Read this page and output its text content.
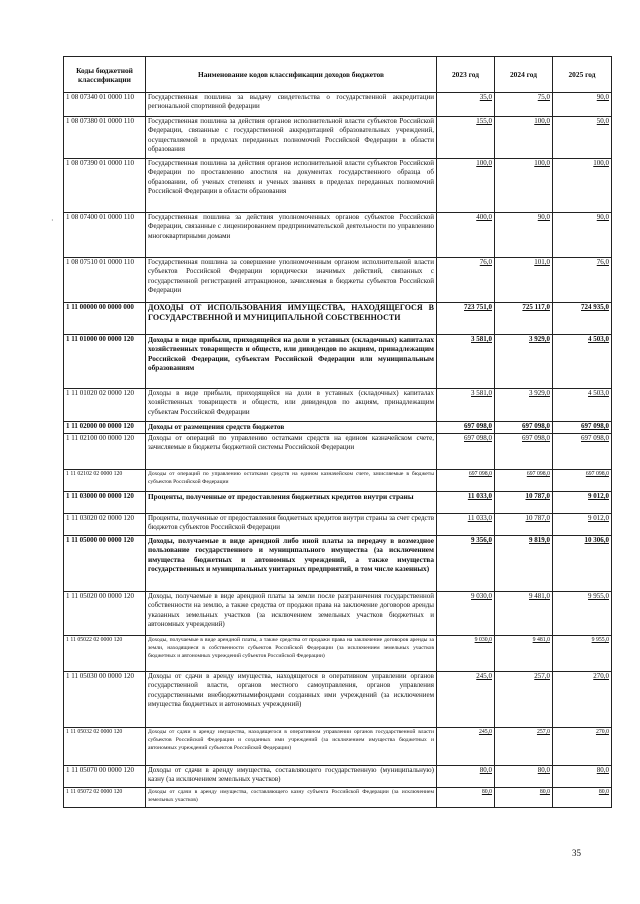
Коды бюджетной классификации	Наименование кодов классификации доходов бюджетов	2023 год	2024 год	2025 год
1 08 07340 01 0000 110	Государственная пошлина за выдачу свидетельства о государственной аккредитации региональной спортивной федерации	35,0	75,0	90,0
1 08 07380 01 0000 110	Государственная пошлина за действия органов исполнительной власти субъектов Российской Федерации, связанные с государственной аккредитацией образовательных учреждений, осуществляемой в пределах переданных полномочий Российской Федерации в области образования	155,0	100,0	50,0
1 08 07390 01 0000 110	Государственная пошлина за действия органов исполнительной власти субъектов Российской Федерации по проставлению апостиля на документах государственного образца об образовании, об ученых степенях и ученых званиях в пределах переданных полномочий Российской Федерации в области образования	100,0	100,0	100,0
1 08 07400 01 0000 110	Государственная пошлина за действия уполномоченных органов субъектов Российской Федерации, связанные с лицензированием предпринимательской деятельности по управлению многоквартирными домами	400,0	90,0	90,0
1 08 07510 01 0000 110	Государственная пошлина за совершение уполномоченным органом исполнительной власти субъектов Российской Федерации юридически значимых действий, связанных с государственной регистрацией аттракционов, зачисляемая в бюджеты субъектов Российской Федерации	76,0	101,0	76,0
1 11 00000 00 0000 000	ДОХОДЫ ОТ ИСПОЛЬЗОВАНИЯ ИМУЩЕСТВА, НАХОДЯЩЕГОСЯ В ГОСУДАРСТВЕННОЙ И МУНИЦИПАЛЬНОЙ СОБСТВЕННОСТИ	723 751,0	725 117,0	724 935,0
1 11 01000 00 0000 120	Доходы в виде прибыли, приходящейся на доли в уставных (складочных) капиталах хозяйственных товариществ и обществ, или дивидендов по акциям, принадлежащим Российской Федерации, субъектам Российской Федерации или муниципальным образованиям	3 581,0	3 929,0	4 503,0
1 11 01020 02 0000 120	Доходы в виде прибыли, приходящейся на доли в уставных (складочных) капиталах хозяйственных товариществ и обществ, или дивидендов по акциям, принадлежащим субъектам Российской Федерации	3 581,0	3 929,0	4 503,0
1 11 02000 00 0000 120	Доходы от размещения средств бюджетов	697 098,0	697 098,0	697 098,0
1 11 02100 00 0000 120	Доходы от операций по управлению остатками средств на едином казначейском счете, зачисляемые в бюджеты бюджетной системы Российской Федерации	697 098,0	697 098,0	697 098,0
1 11 02102 02 0000 120	Доходы от операций по управлению остатками средств на едином казначейском счете, зачисляемые в бюджеты субъектов Российской Федерации	697 098,0	697 098,0	697 098,0
1 11 03000 00 0000 120	Проценты, полученные от предоставления бюджетных кредитов внутри страны	11 033,0	10 787,0	9 012,0
1 11 03020 02 0000 120	Проценты, полученные от предоставления бюджетных кредитов внутри страны за счет средств бюджетов субъектов Российской Федерации	11 033,0	10 787,0	9 012,0
1 11 05000 00 0000 120	Доходы, получаемые в виде арендной либо иной платы за передачу в возмездное пользование государственного и муниципального имущества (за исключением имущества бюджетных и автономных учреждений, а также имущества государственных и муниципальных унитарных предприятий, в том числе казенных)	9 356,0	9 819,0	10 306,0
1 11 05020 00 0000 120	Доходы, получаемые в виде арендной платы за земли после разграничения государственной собственности на землю, а также средства от продажи права на заключение договоров аренды указанных земельных участков (за исключением земельных участков бюджетных и автономных учреждений)	9 030,0	9 481,0	9 955,0
1 11 05022 02 0000 120	Доходы, получаемые в виде арендной платы, а также средства от продажи права на заключение договоров аренды за земли, находящиеся в собственности субъектов Российской Федерации (за исключением земельных участков бюджетных и автономных учреждений субъектов Российской Федерации)	9 030,0	9 481,0	9 955,0
1 11 05030 00 0000 120	Доходы от сдачи в аренду имущества, находящегося в оперативном управлении органов государственной власти, органов местного самоуправления, органов управления государственными внебюджетнымифондами созданных ими учреждений (за исключением имущества бюджетных и автономных учреждений)	245,0	257,0	270,0
1 11 05032 02 0000 120	Доходы от сдачи в аренду имущества, находящегося в оперативном управлении органов государственной власти субъектов Российской Федерации и созданных ими учреждений (за исключением имущества бюджетных и автономных учреждений субъектов Российской Федерации)	245,0	257,0	270,0
1 11 05070 00 0000 120	Доходы от сдачи в аренду имущества, составляющего государственную (муниципальную) казну (за исключением земельных участков)	80,0	80,0	80,0
1 11 05072 02 0000 120	Доходы от сдачи в аренду имущества, составляющего казну субъекта Российской Федерации (за исключением земельных участков)	80,0	80,0	80,0
·
35
